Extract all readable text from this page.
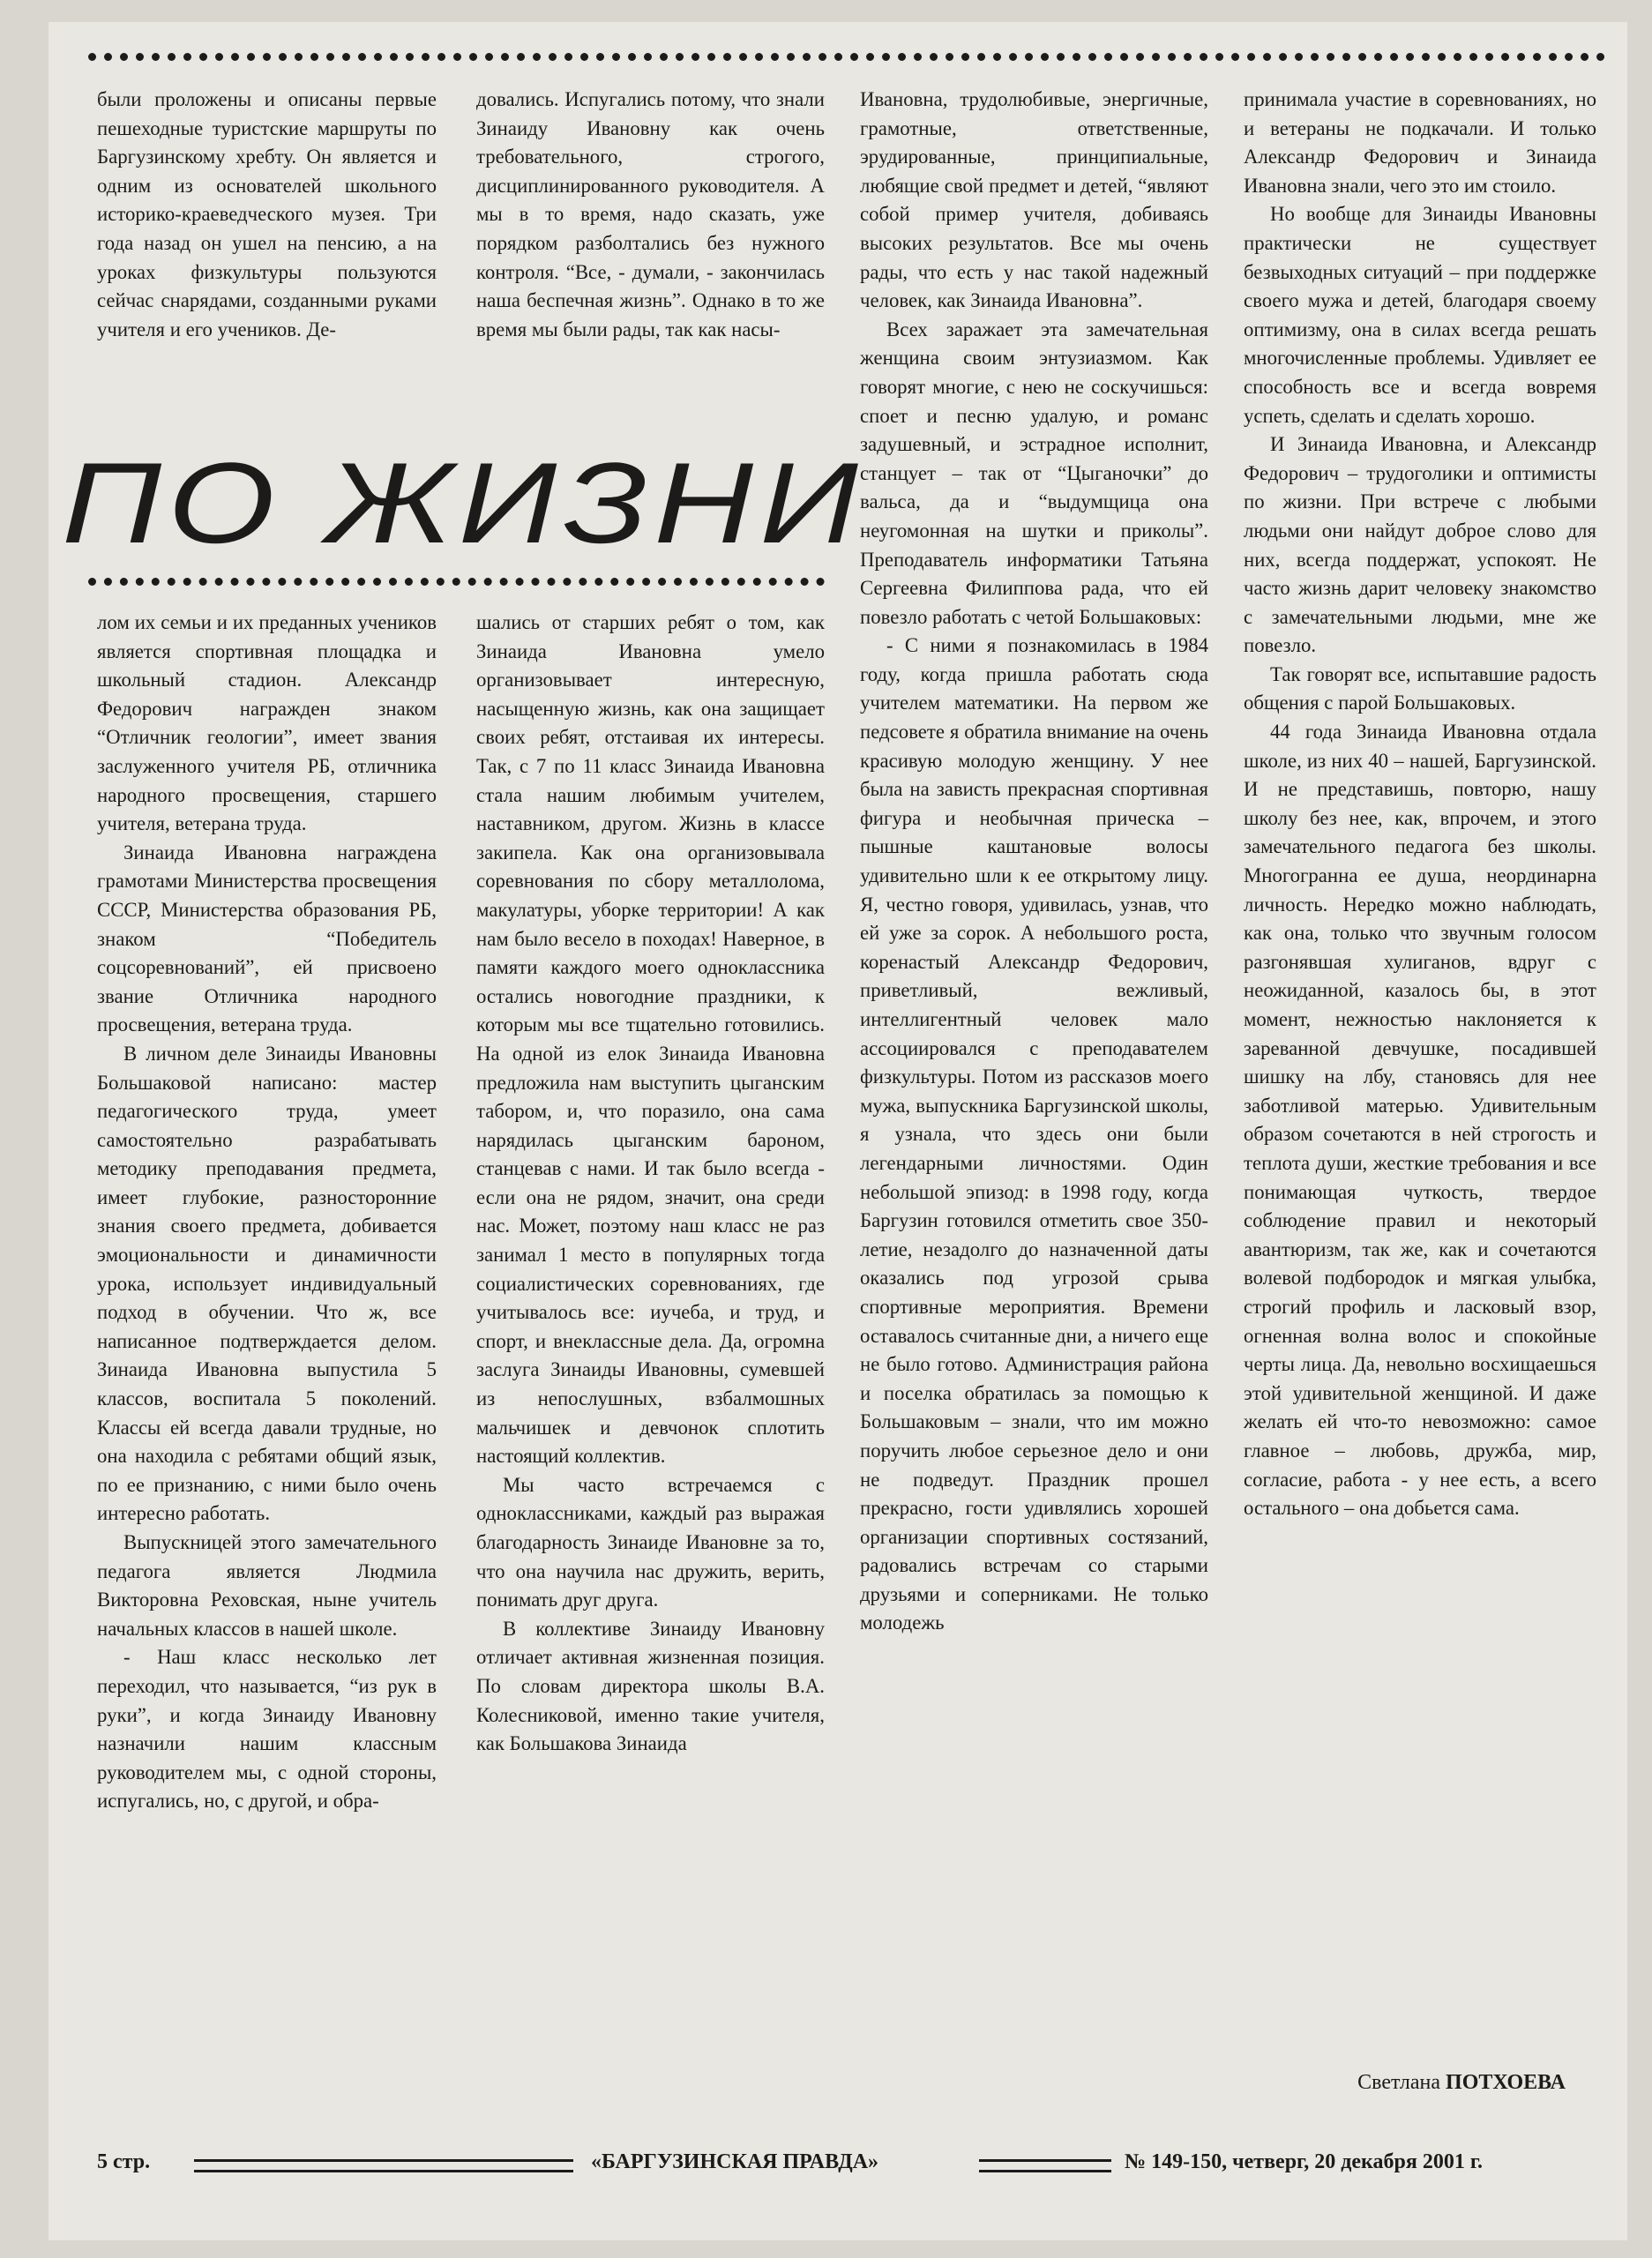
были проложены и описаны первые пешеходные туристские маршруты по Баргузинскому хребту. Он является и одним из основателей школьного историко-краеведческого музея. Три года назад он ушел на пенсию, а на уроках физкультуры пользуются сейчас снарядами, созданными руками учителя и его учеников. Де-

довались. Испугались потому, что знали Зинаиду Ивановну как очень требовательного, строгого, дисциплинированного руководителя. А мы в то время, надо сказать, уже порядком разболтались без нужного контроля. “Все, - думали, - закончилась наша беспечная жизнь”. Однако в то же время мы были рады, так как насы-

ПО ЖИЗНИ

лом их семьи и их преданных учеников является спортивная площадка и школьный стадион. Александр Федорович награжден знаком “Отличник геологии”, имеет звания заслуженного учителя РБ, отличника народного просвещения, старшего учителя, ветерана труда.

Зинаида Ивановна награждена грамотами Министерства просвещения СССР, Министерства образования РБ, знаком “Победитель соцсоревнований”, ей присвоено звание Отличника народного просвещения, ветерана труда.

В личном деле Зинаиды Ивановны Большаковой написано: мастер педагогического труда, умеет самостоятельно разрабатывать методику преподавания предмета, имеет глубокие, разносторонние знания своего предмета, добивается эмоциональности и динамичности урока, использует индивидуальный подход в обучении. Что ж, все написанное подтверждается делом. Зинаида Ивановна выпустила 5 классов, воспитала 5 поколений. Классы ей всегда давали трудные, но она находила с ребятами общий язык, по ее признанию, с ними было очень интересно работать.

Выпускницей этого замечательного педагога является Людмила Викторовна Реховская, ныне учитель начальных классов в нашей школе.

- Наш класс несколько лет переходил, что называется, “из рук в руки”, и когда Зинаиду Ивановну назначили нашим классным руководителем мы, с одной стороны, испугались, но, с другой, и обра-

шались от старших ребят о том, как Зинаида Ивановна умело организовывает интересную, насыщенную жизнь, как она защищает своих ребят, отстаивая их интересы. Так, с 7 по 11 класс Зинаида Ивановна стала нашим любимым учителем, наставником, другом. Жизнь в классе закипела. Как она организовывала соревнования по сбору металлолома, макулатуры, уборке территории! А как нам было весело в походах! Наверное, в памяти каждого моего одноклассника остались новогодние праздники, к которым мы все тщательно готовились. На одной из елок Зинаида Ивановна предложила нам выступить цыганским табором, и, что поразило, она сама нарядилась цыганским бароном, станцевав с нами. И так было всегда - если она не рядом, значит, она среди нас. Может, поэтому наш класс не раз занимал 1 место в популярных тогда социалистических соревнованиях, где учитывалось все: иучеба, и труд, и спорт, и внеклассные дела. Да, огромна заслуга Зинаиды Ивановны, сумевшей из непослушных, взбалмошных мальчишек и девчонок сплотить настоящий коллектив.

Мы часто встречаемся с одноклассниками, каждый раз выражая благодарность Зинаиде Ивановне за то, что она научила нас дружить, верить, понимать друг друга.

В коллективе Зинаиду Ивановну отличает активная жизненная позиция. По словам директора школы В.А. Колесниковой, именно такие учителя, как Большакова Зинаида

Ивановна, трудолюбивые, энергичные, грамотные, ответственные, эрудированные, принципиальные, любящие свой предмет и детей, “являют собой пример учителя, добиваясь высоких результатов. Все мы очень рады, что есть у нас такой надежный человек, как Зинаида Ивановна”.

Всех заражает эта замечательная женщина своим энтузиазмом. Как говорят многие, с нею не соскучишься: споет и песню удалую, и романс задушевный, и эстрадное исполнит, станцует – так от “Цыганочки” до вальса, да и “выдумщица она неугомонная на шутки и приколы”. Преподаватель информатики Татьяна Сергеевна Филиппова рада, что ей повезло работать с четой Большаковых:

- С ними я познакомилась в 1984 году, когда пришла работать сюда учителем математики. На первом же педсовете я обратила внимание на очень красивую молодую женщину. У нее была на зависть прекрасная спортивная фигура и необычная прическа – пышные каштановые волосы удивительно шли к ее открытому лицу. Я, честно говоря, удивилась, узнав, что ей уже за сорок. А небольшого роста, коренастый Александр Федорович, приветливый, вежливый, интеллигентный человек мало ассоциировался с преподавателем физкультуры. Потом из рассказов моего мужа, выпускника Баргузинской школы, я узнала, что здесь они были легендарными личностями. Один небольшой эпизод: в 1998 году, когда Баргузин готовился отметить свое 350-летие, незадолго до назначенной даты оказались под угрозой срыва спортивные мероприятия. Времени оставалось считанные дни, а ничего еще не было готово. Администрация района и поселка обратилась за помощью к Большаковым – знали, что им можно поручить любое серьезное дело и они не подведут. Праздник прошел прекрасно, гости удивлялись хорошей организации спортивных состязаний, радовались встречам со старыми друзьями и соперниками. Не только молодежь

принимала участие в соревнованиях, но и ветераны не подкачали. И только Александр Федорович и Зинаида Ивановна знали, чего это им стоило.

Но вообще для Зинаиды Ивановны практически не существует безвыходных ситуаций – при поддержке своего мужа и детей, благодаря своему оптимизму, она в силах всегда решать многочисленные проблемы. Удивляет ее способность все и всегда вовремя успеть, сделать и сделать хорошо.

И Зинаида Ивановна, и Александр Федорович – трудоголики и оптимисты по жизни. При встрече с любыми людьми они найдут доброе слово для них, всегда поддержат, успокоят. Не часто жизнь дарит человеку знакомство с замечательными людьми, мне же повезло.

Так говорят все, испытавшие радость общения с парой Большаковых.

44 года Зинаида Ивановна отдала школе, из них 40 – нашей, Баргузинской. И не представишь, повторю, нашу школу без нее, как, впрочем, и этого замечательного педагога без школы. Многогранна ее душа, неординарна личность. Нередко можно наблюдать, как она, только что звучным голосом разгонявшая хулиганов, вдруг с неожиданной, казалось бы, в этот момент, нежностью наклоняется к зареванной девчушке, посадившей шишку на лбу, становясь для нее заботливой матерью. Удивительным образом сочетаются в ней строгость и теплота души, жесткие требования и все понимающая чуткость, твердое соблюдение правил и некоторый авантюризм, так же, как и сочетаются волевой подбородок и мягкая улыбка, строгий профиль и ласковый взор, огненная волна волос и спокойные черты лица. Да, невольно восхищаешься этой удивительной женщиной. И даже желать ей что-то невозможно: самое главное – любовь, дружба, мир, согласие, работа - у нее есть, а всего остального – она добьется сама.

Светлана ПОТХОЕВА
5 стр.	«БАРГУЗИНСКАЯ ПРАВДА»	№ 149-150, четверг, 20 декабря 2001 г.
